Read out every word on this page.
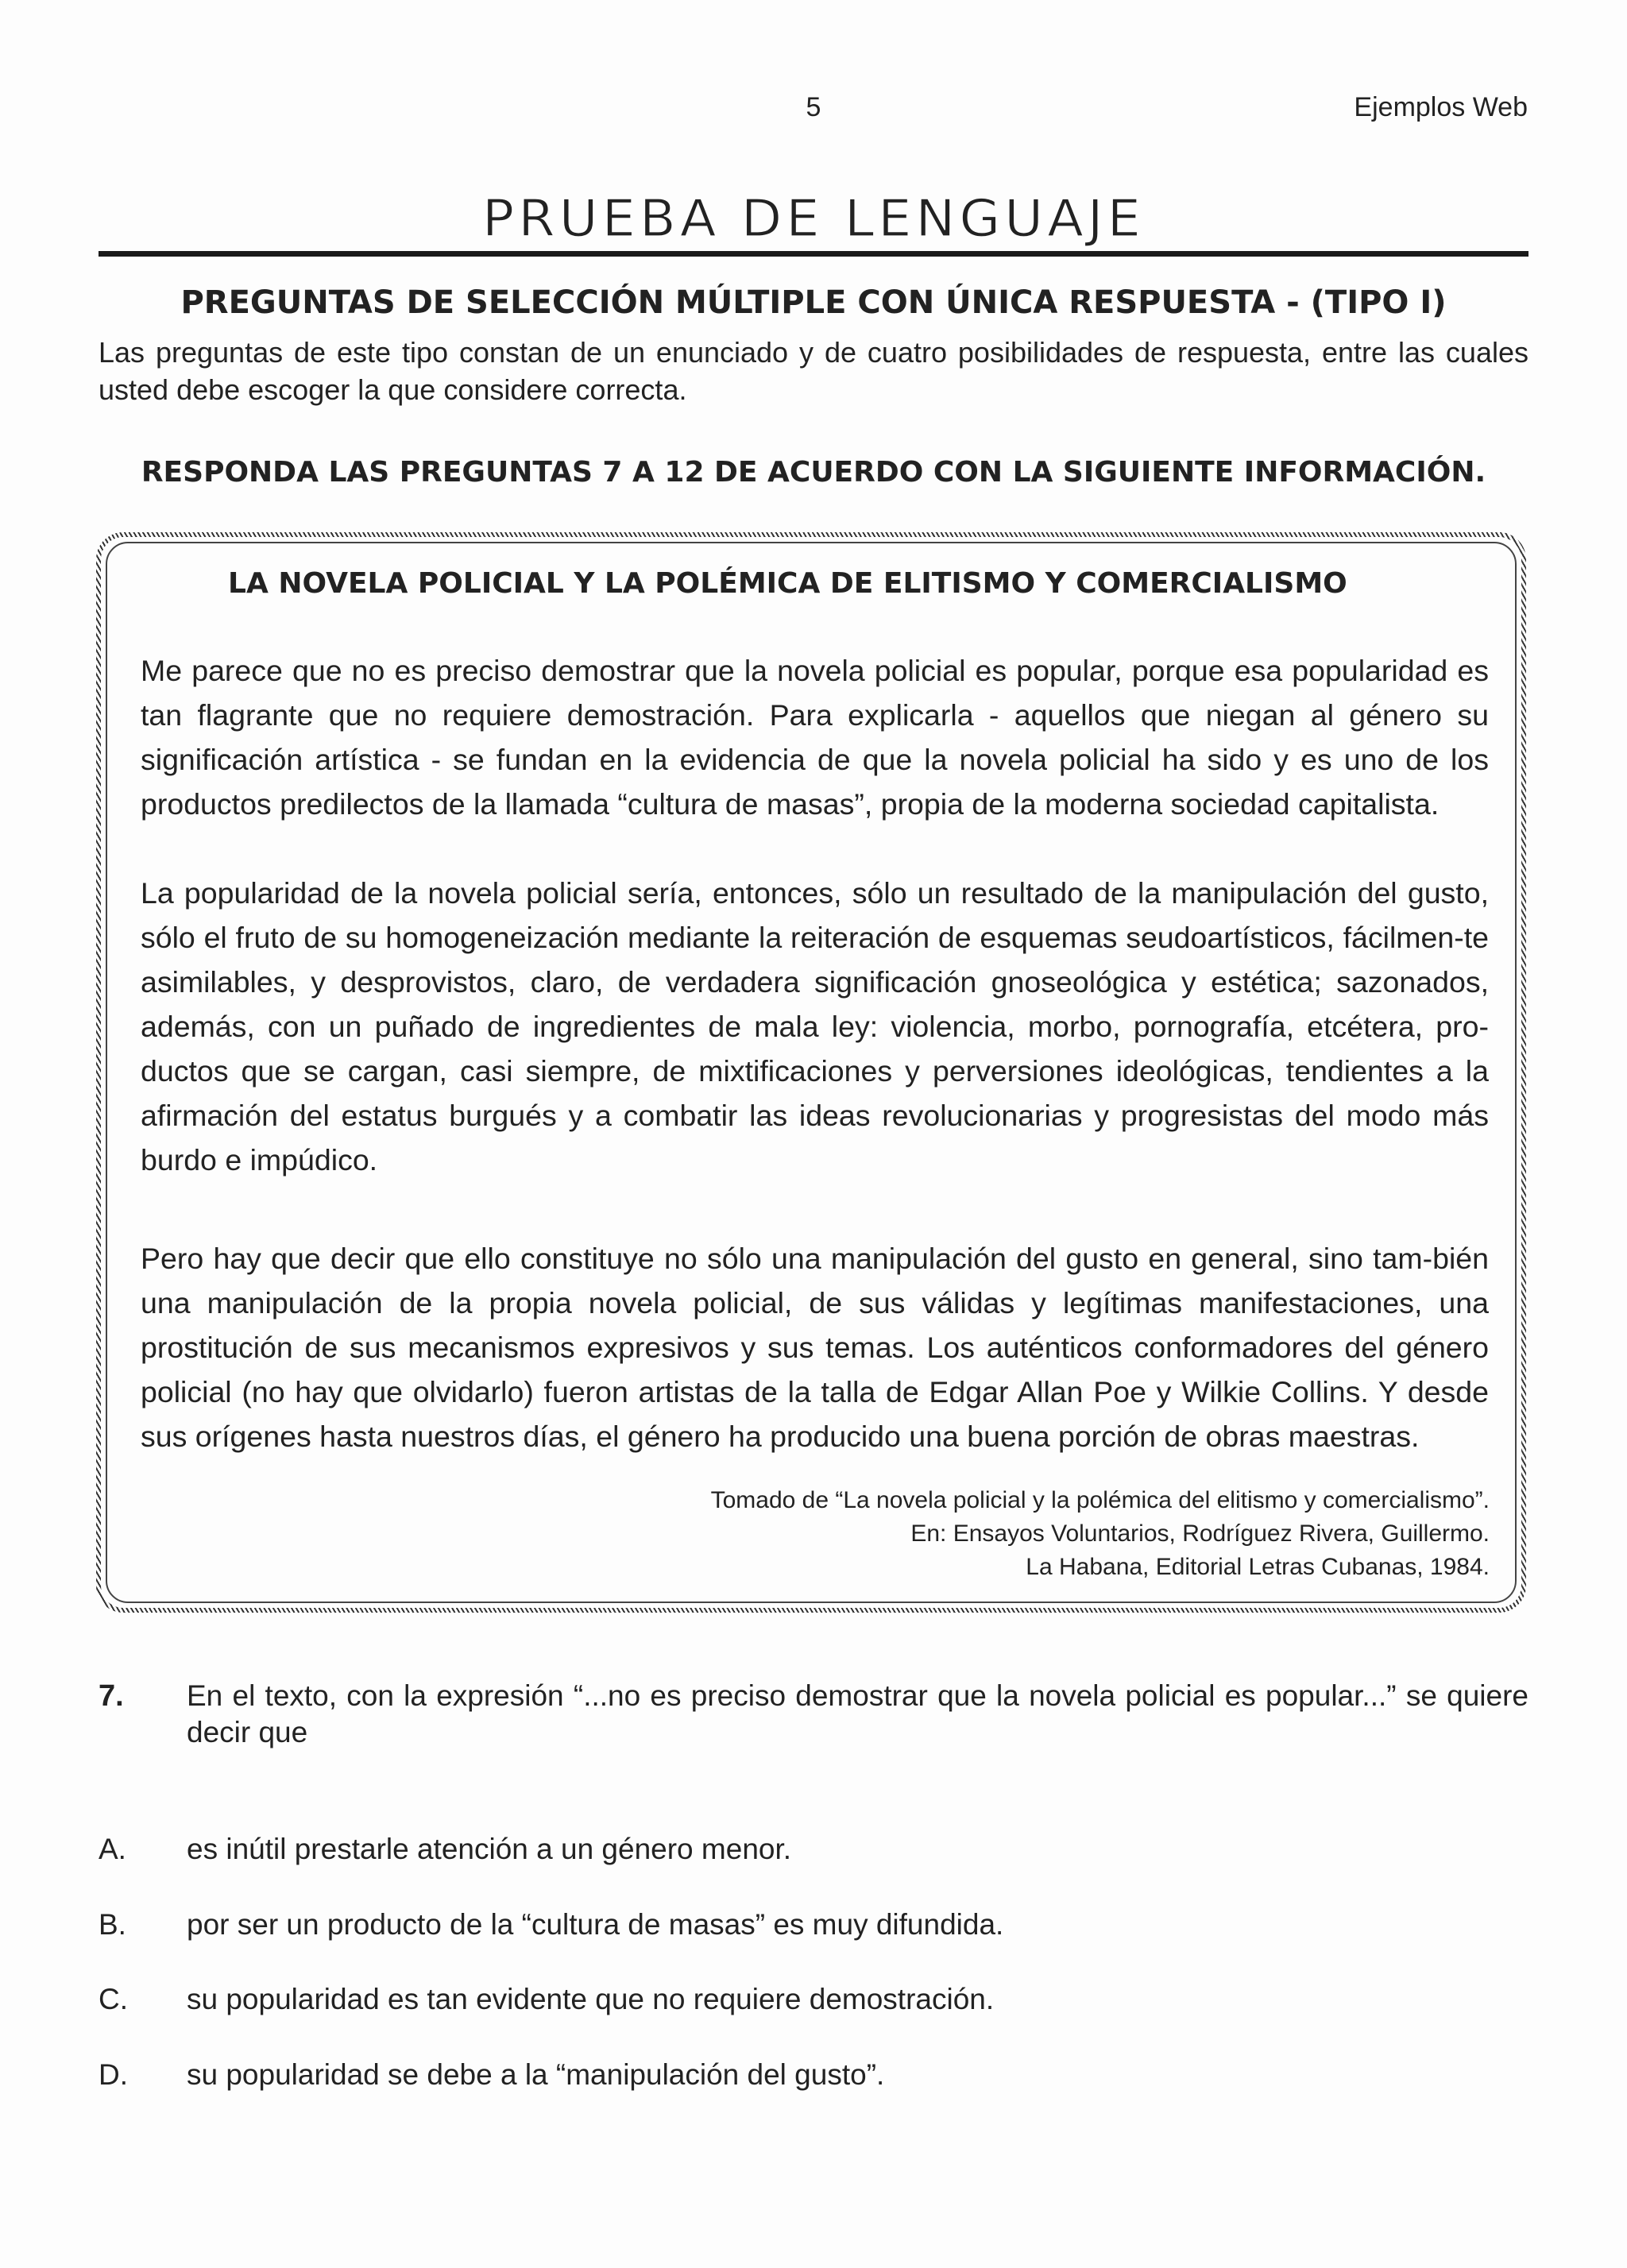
5	Ejemplos Web
PRUEBA DE LENGUAJE
PREGUNTAS DE SELECCIÓN MÚLTIPLE CON ÚNICA RESPUESTA - (TIPO I)
Las preguntas de este tipo constan de un enunciado y de cuatro posibilidades de respuesta, entre las cuales usted debe escoger la que considere correcta.
RESPONDA LAS PREGUNTAS 7 A 12 DE ACUERDO CON LA SIGUIENTE INFORMACIÓN.
LA NOVELA POLICIAL Y LA POLÉMICA DE ELITISMO Y COMERCIALISMO

Me parece que no es preciso demostrar que la novela policial es popular, porque esa popularidad es tan flagrante que no requiere demostración. Para explicarla - aquellos que niegan al género su significación artística - se fundan en la evidencia de que la novela policial ha sido y es uno de los productos predilectos de la llamada “cultura de masas”, propia de la moderna sociedad capitalista.

La popularidad de la novela policial sería, entonces, sólo un resultado de la manipulación del gusto, sólo el fruto de su homogeneización mediante la reiteración de esquemas seudoartísticos, fácilmen-te asimilables, y desprovistos, claro, de verdadera significación gnoseológica y estética; sazonados, además, con un puñado de ingredientes de mala ley: violencia, morbo, pornografía, etcétera, pro-ductos que se cargan, casi siempre, de mixtificaciones y perversiones ideológicas, tendientes a la afirmación del estatus burgués y a combatir las ideas revolucionarias y progresistas del modo más burdo e impúdico.

Pero hay que decir que ello constituye no sólo una manipulación del gusto en general, sino tam-bién una manipulación de la propia novela policial, de sus válidas y legítimas manifestaciones, una prostitución de sus mecanismos expresivos y sus temas. Los auténticos conformadores del género policial (no hay que olvidarlo) fueron artistas de la talla de Edgar Allan Poe y Wilkie Collins. Y desde sus orígenes hasta nuestros días, el género ha producido una buena porción de obras maestras.

Tomado de “La novela policial y la polémica del elitismo y comercialismo”.
En: Ensayos Voluntarios, Rodríguez Rivera, Guillermo.
La Habana, Editorial Letras Cubanas, 1984.
7. En el texto, con la expresión “...no es preciso demostrar que la novela policial es popular...” se quiere decir que
A. es inútil prestarle atención a un género menor.
B. por ser un producto de la “cultura de masas” es muy difundida.
C. su popularidad es tan evidente que no requiere demostración.
D. su popularidad se debe a la “manipulación del gusto”.
